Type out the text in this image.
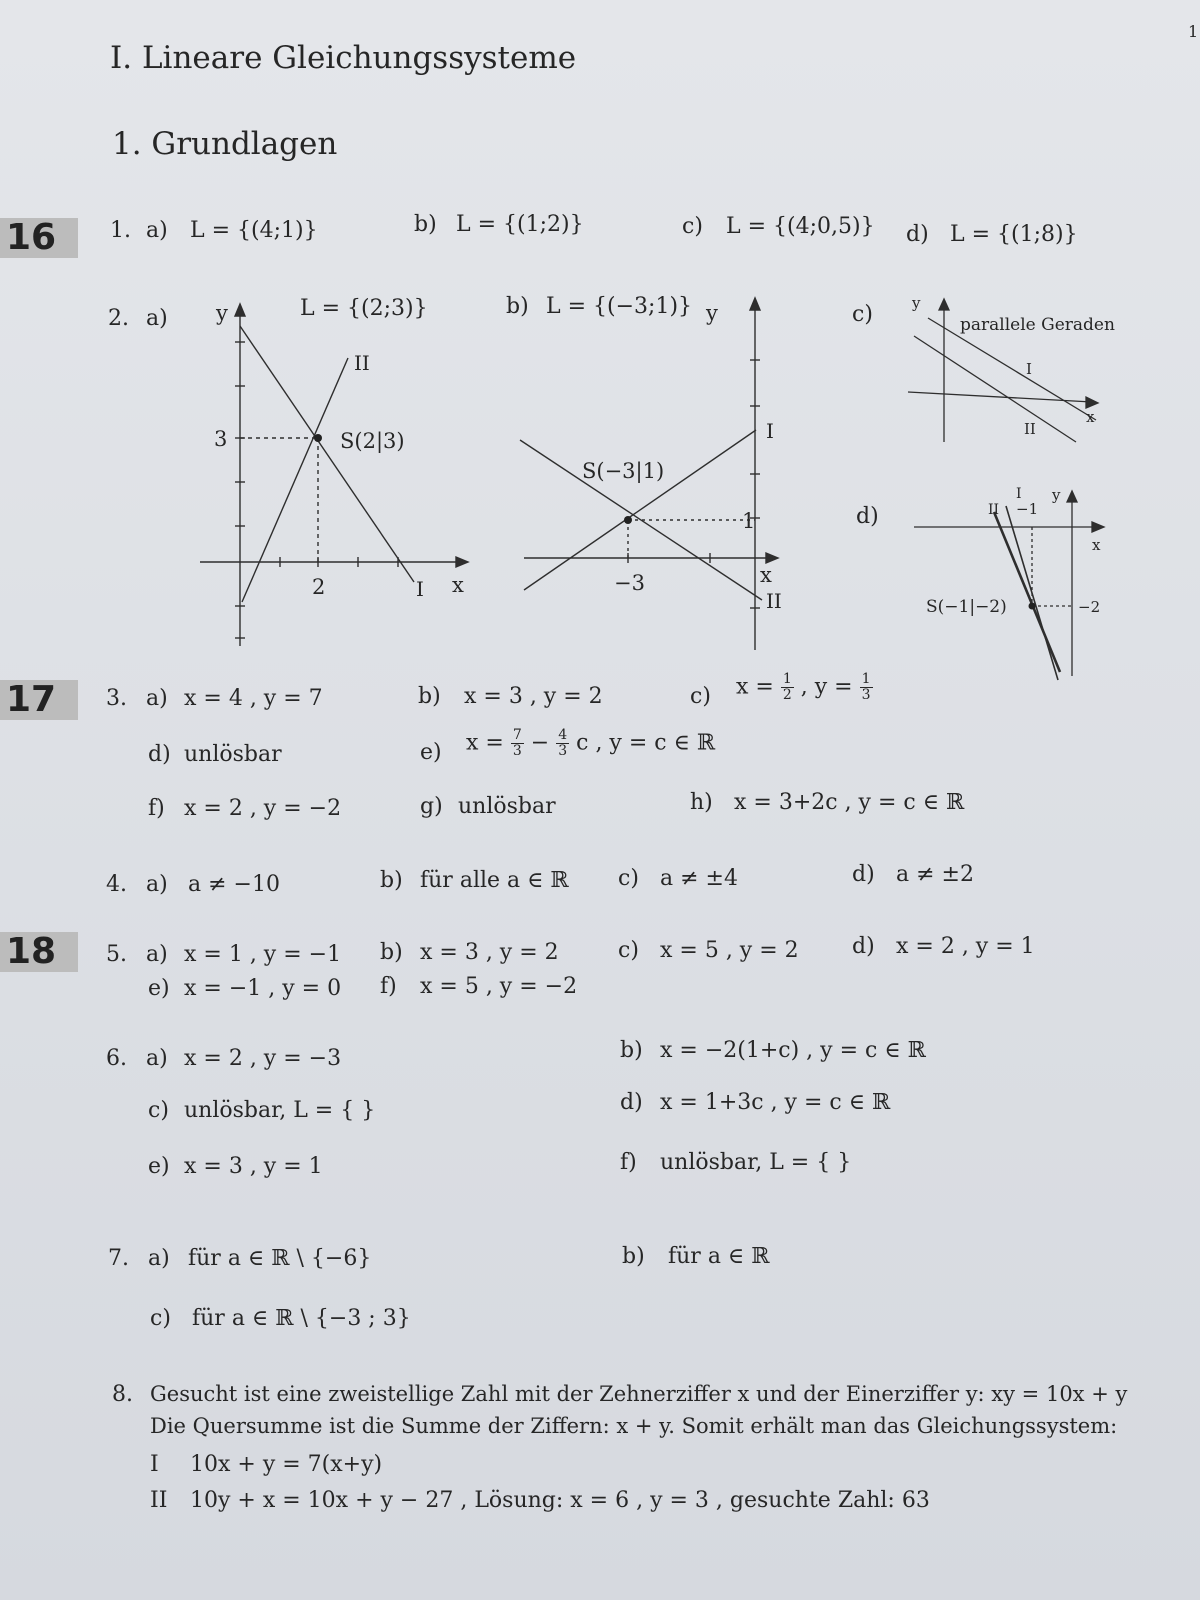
I. Lineare Gleichungssysteme
1. Grundlagen
1
16
17
18
1. a) L = {(4;1)}	b) L = {(1;2)}	c) L = {(4;0,5)} d) L = {(1;8)}
2. a)	L = {(2;3)}	b) L = {(−3;1)}	c)
d)
y
x
3
2
S(2|3)
I
II
y
x
1
−3
S(−3|1)
I
II
y
x
parallele Geraden
I
II
y
x
−1
−2
S(−1|−2)
I
II
3. a) x = 4 , y = 7	b) x = 3 , y = 2	c) $x = \frac{1}{2}$ , $y = \frac{1}{3}$
d) unlösbar	e) $x = \frac{7}{3} - \frac{4}{3}$ c , y = c ∈ ℝ
f) x = 2 , y = −2	g) unlösbar	h) x = 3+2c , y = c ∈ ℝ
4. a) a ≠ −10	b) für alle a ∈ ℝ c) a ≠ ±4	d) a ≠ ±2
5. a) x = 1 , y = −1 b) x = 3 , y = 2	c) x = 5 , y = 2 d) x = 2 , y = 1
e) x = −1 , y = 0 f) x = 5 , y = −2
6. a) x = 2 , y = −3	b) x = −2(1+c) , y = c ∈ ℝ
c) unlösbar, L = { }	d) x = 1+3c , y = c ∈ ℝ
e) x = 3 , y = 1	f) unlösbar, L = { }
7. a) für a ∈ ℝ \ {−6}	b) für a ∈ ℝ
c) für a ∈ ℝ \ {−3 ; 3}
8. Gesucht ist eine zweistellige Zahl mit der Zehnerziffer x und der Einerziffer y: xy = 10x + y
Die Quersumme ist die Summe der Ziffern: x + y. Somit erhält man das Gleichungssystem:
I 10x + y = 7(x+y)
II 10y + x = 10x + y − 27 , Lösung: x = 6 , y = 3 , gesuchte Zahl: 63
